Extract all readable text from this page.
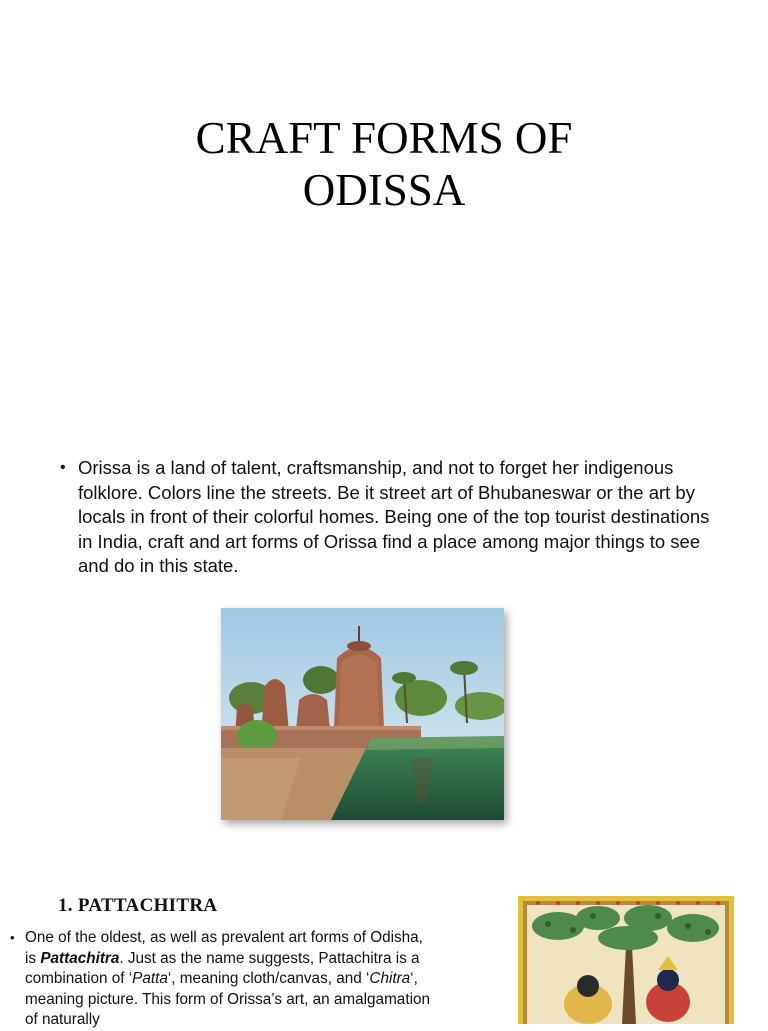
CRAFT FORMS OF
ODISSA
• Orissa is a land of talent, craftsmanship, and not to forget her indigenous folklore. Colors line the streets. Be it street art of Bhubaneswar or the art by locals in front of their colorful homes. Being one of the top tourist destinations in India, craft and art forms of Orissa find a place among major things to see and do in this state.
1. PATTACHITRA
• One of the oldest, as well as prevalent art forms of Odisha, is Pattachitra. Just as the name suggests, Pattachitra is a combination of ‘Patta‘, meaning cloth/canvas, and ‘Chitra‘, meaning picture. This form of Orissa’s art, an amalgamation of naturally
